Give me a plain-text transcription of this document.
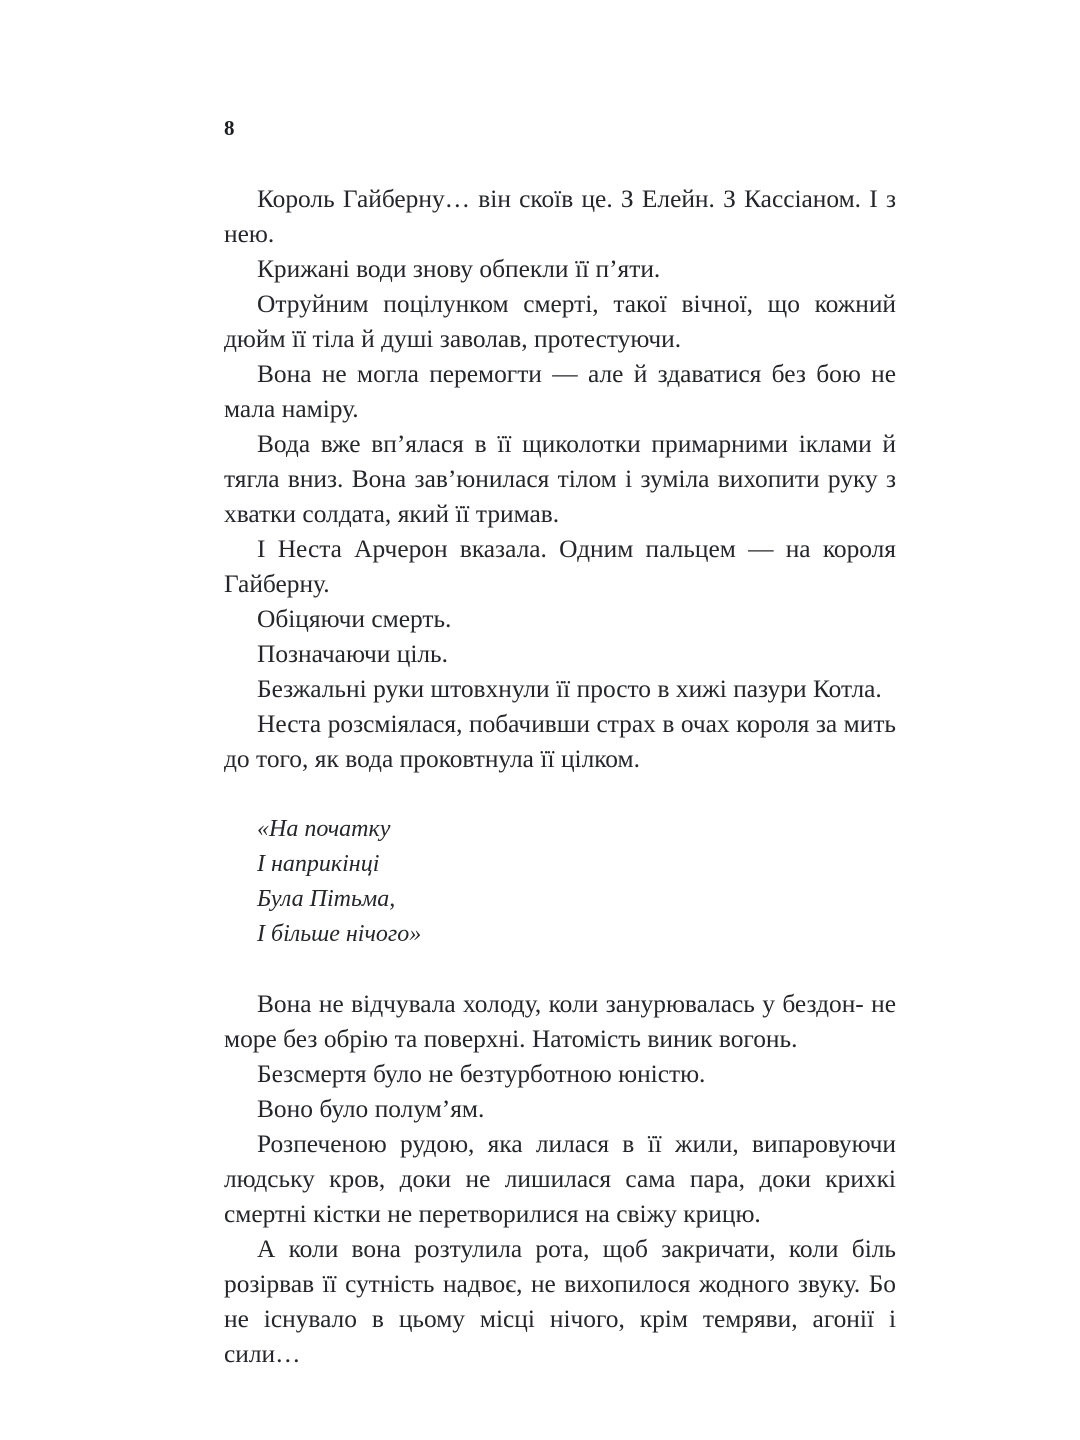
8

Король Гайберну… він скоїв це. З Елейн. З Кассіаном. І з нею.

Крижані води знову обпекли її п’яти.

Отруйним поцілунком смерті, такої вічної, що кожний дюйм її тіла й душі заволав, протестуючи.

Вона не могла перемогти — але й здаватися без бою не мала наміру.

Вода вже вп’ялася в її щиколотки примарними іклами й тягла вниз. Вона зав’юнилася тілом і зуміла вихопити руку з хватки солдата, який її тримав.

І Неста Арчерон вказала. Одним пальцем — на короля Гайберну.

Обіцяючи смерть.

Позначаючи ціль.

Безжальні руки штовхнули її просто в хижі пазури Котла.

Неста розсміялася, побачивши страх в очах короля за мить до того, як вода проковтнула її цілком.

«На початку
І наприкінці
Була Пітьма,
І більше нічого»

Вона не відчувала холоду, коли занурювалась у бездон- не море без обрію та поверхні. Натомість виник вогонь.

Безсмертя було не безтурботною юністю.

Воно було полум’ям.

Розпеченою рудою, яка лилася в її жили, випаровуючи людську кров, доки не лишилася сама пара, доки крихкі смертні кістки не перетворилися на свіжу крицю.

А коли вона розтулила рота, щоб закричати, коли біль розірвав її сутність надвоє, не вихопилося жодного звуку. Бо не існувало в цьому місці нічого, крім темряви, агонії і сили…
